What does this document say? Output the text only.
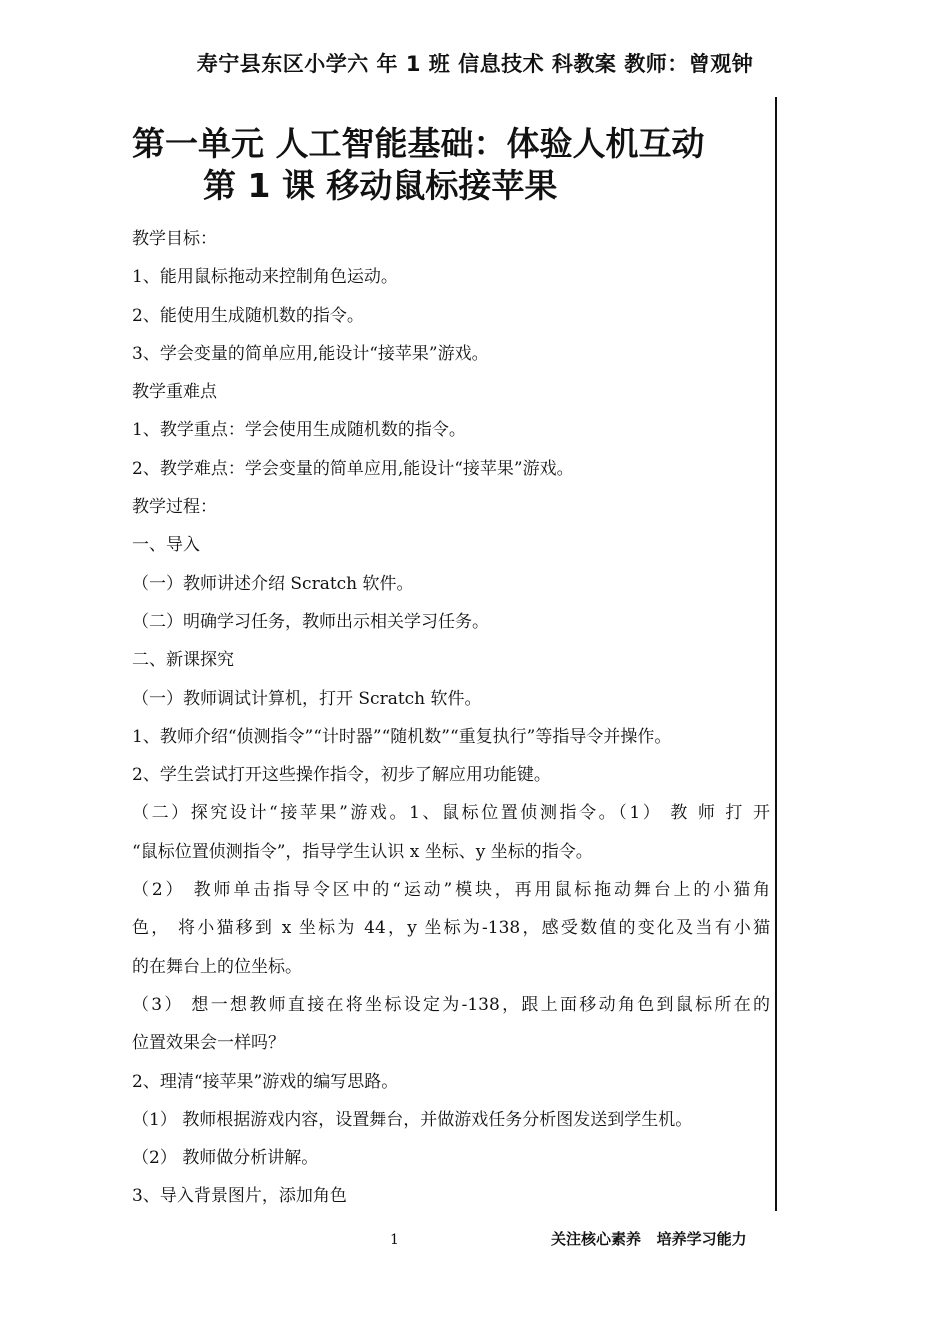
寿宁县东区小学六 年 1 班 信息技术 科教案 教师：曾观钟
第一单元 人工智能基础：体验人机互动
第 1 课 移动鼠标接苹果
教学目标：
1、能用鼠标拖动来控制角色运动。
2、能使用生成随机数的指令。
3、学会变量的简单应用,能设计“接苹果”游戏。
教学重难点
1、教学重点：学会使用生成随机数的指令。
2、教学难点：学会变量的简单应用,能设计“接苹果”游戏。
教学过程：
一、导入
（一）教师讲述介绍 Scratch 软件。
（二）明确学习任务，教师出示相关学习任务。
二、新课探究
（一）教师调试计算机，打开 Scratch 软件。
1、教师介绍“侦测指令”“计时器”“随机数”“重复执行”等指导令并操作。
2、学生尝试打开这些操作指令，初步了解应用功能键。
（二）探究设计“接苹果”游戏。1、鼠标位置侦测指令。（1） 教 师 打 开
“鼠标位置侦测指令”，指导学生认识 x 坐标、y 坐标的指令。
（2） 教师单击指导令区中的“运动”模块，再用鼠标拖动舞台上的小猫角
色， 将小猫移到 x 坐标为 44，y 坐标为-138，感受数值的变化及当有小猫
的在舞台上的位坐标。
（3） 想一想教师直接在将坐标设定为-138，跟上面移动角色到鼠标所在的
位置效果会一样吗？
2、理清“接苹果”游戏的编写思路。
（1） 教师根据游戏内容，设置舞台，并做游戏任务分析图发送到学生机。
（2） 教师做分析讲解。
3、导入背景图片，添加角色
1	关注核心素养   培养学习能力
